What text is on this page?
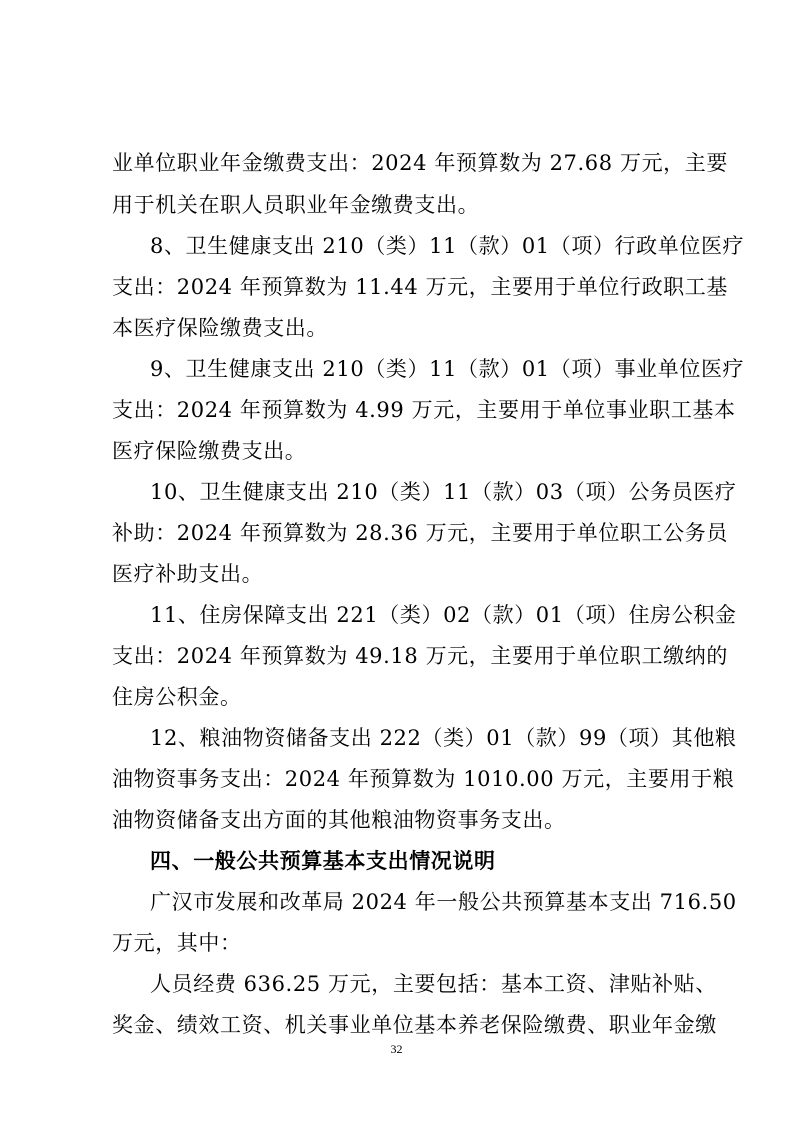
业单位职业年金缴费支出：2024 年预算数为 27.68 万元，主要
用于机关在职人员职业年金缴费支出。
8、卫生健康支出 210（类）11（款）01（项）行政单位医疗
支出：2024 年预算数为 11.44 万元，主要用于单位行政职工基
本医疗保险缴费支出。
9、卫生健康支出 210（类）11（款）01（项）事业单位医疗
支出：2024 年预算数为 4.99 万元，主要用于单位事业职工基本
医疗保险缴费支出。
10、卫生健康支出 210（类）11（款）03（项）公务员医疗
补助：2024 年预算数为 28.36 万元，主要用于单位职工公务员
医疗补助支出。
11、住房保障支出 221（类）02（款）01（项）住房公积金
支出：2024 年预算数为 49.18 万元，主要用于单位职工缴纳的
住房公积金。
12、粮油物资储备支出 222（类）01（款）99（项）其他粮
油物资事务支出：2024 年预算数为 1010.00 万元，主要用于粮
油物资储备支出方面的其他粮油物资事务支出。
四、一般公共预算基本支出情况说明
广汉市发展和改革局 2024 年一般公共预算基本支出 716.50
万元，其中：
人员经费 636.25 万元，主要包括：基本工资、津贴补贴、
奖金、绩效工资、机关事业单位基本养老保险缴费、职业年金缴
32
